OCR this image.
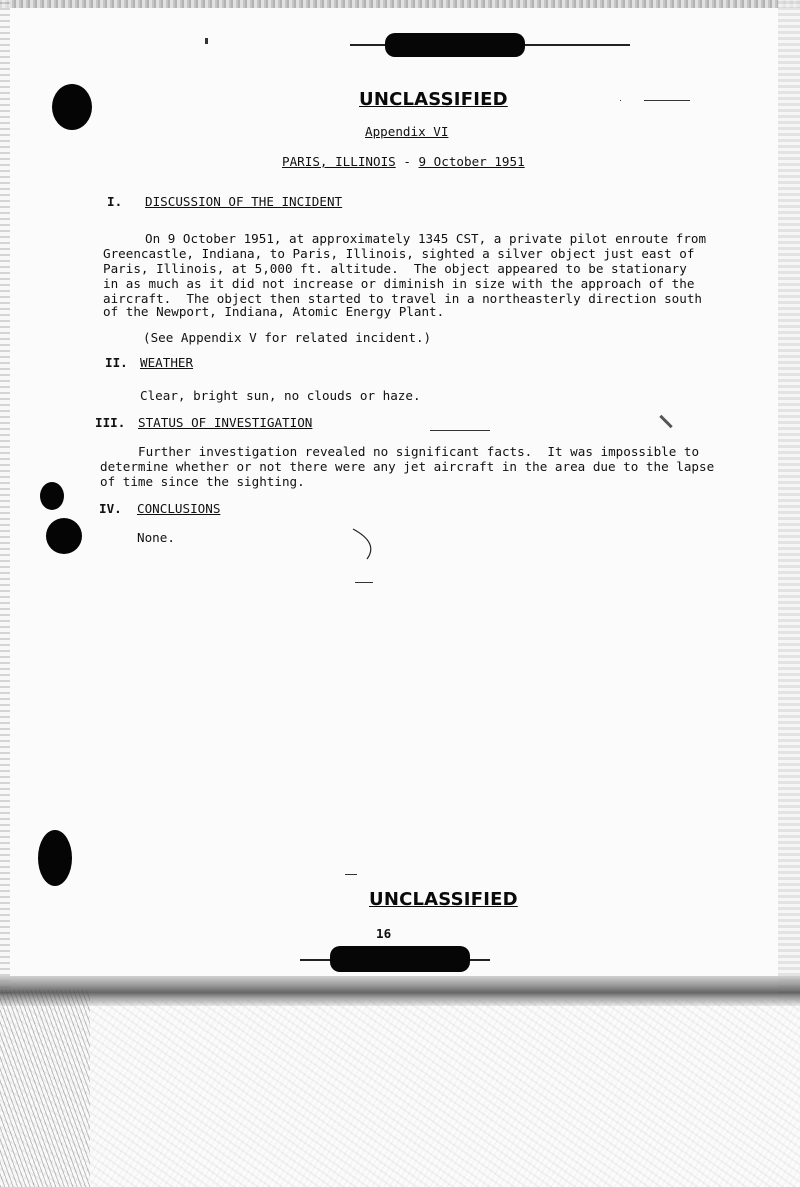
UNCLASSIFIED
Appendix VI
PARIS, ILLINOIS - 9 October 1951
I. DISCUSSION OF THE INCIDENT
On 9 October 1951, at approximately 1345 CST, a private pilot enroute from
Greencastle, Indiana, to Paris, Illinois, sighted a silver object just east of
Paris, Illinois, at 5,000 ft. altitude.  The object appeared to be stationary
in as much as it did not increase or diminish in size with the approach of the
aircraft.  The object then started to travel in a northeasterly direction south
of the Newport, Indiana, Atomic Energy Plant.
(See Appendix V for related incident.)
II. WEATHER
Clear, bright sun, no clouds or haze.
III. STATUS OF INVESTIGATION
Further investigation revealed no significant facts.  It was impossible to
determine whether or not there were any jet aircraft in the area due to the lapse
of time since the sighting.
IV. CONCLUSIONS
None.
UNCLASSIFIED
16
